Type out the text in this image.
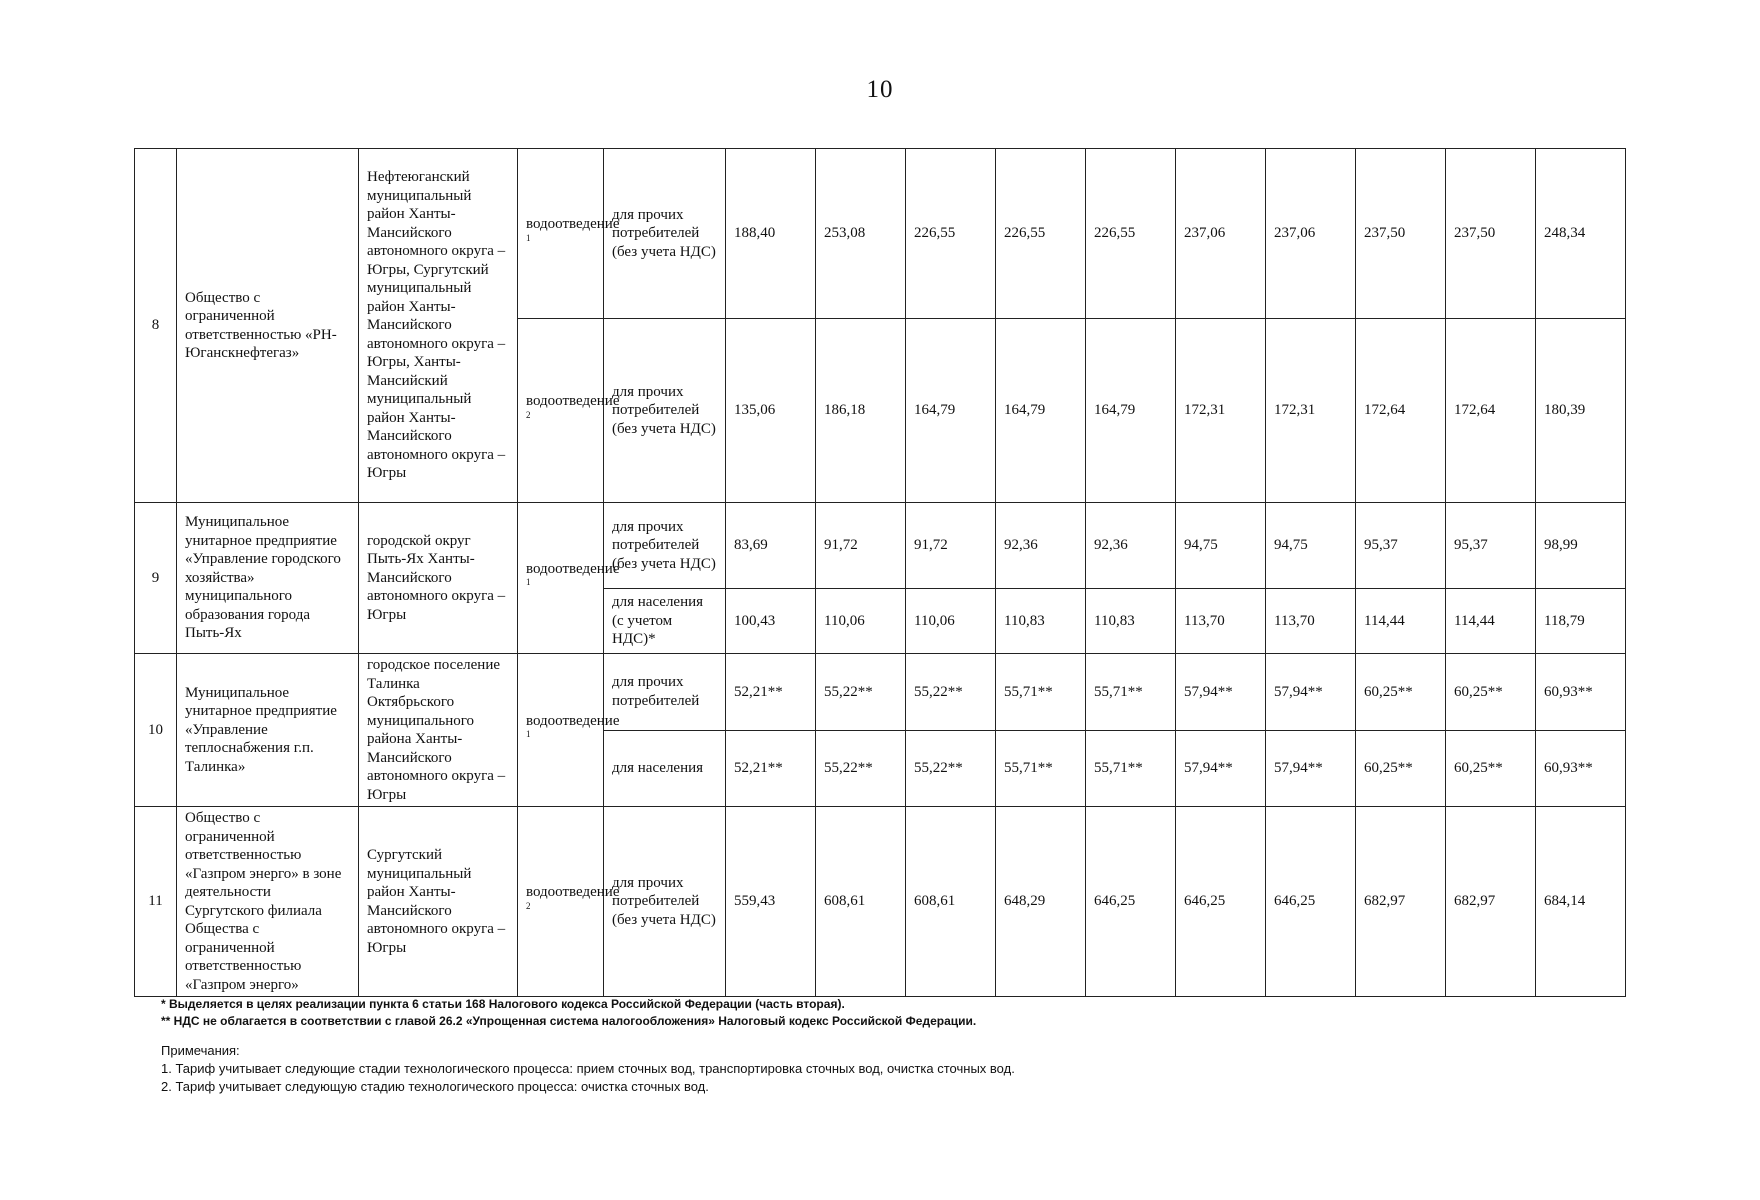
10
8	Общество с ограниченной ответственностью «РН-Юганскнефтегаз»	Нефтеюганский муниципальный район Ханты-Мансийского автономного округа – Югры, Сургутский муниципальный район Ханты-Мансийского автономного округа – Югры, Ханты-Мансийский муниципальный район Ханты-Мансийского автономного округа – Югры	водоотведение $^1$	для прочих потребителей (без учета НДС)	188,40	253,08	226,55	226,55	226,55	237,06	237,06	237,50	237,50	248,34
			водоотведение $^2$	для прочих потребителей (без учета НДС)	135,06	186,18	164,79	164,79	164,79	172,31	172,31	172,64	172,64	180,39
9	Муниципальное унитарное предприятие «Управление городского хозяйства» муниципального образования города Пыть-Ях	городской округ Пыть-Ях Ханты-Мансийского автономного округа – Югры	водоотведение $^1$	для прочих потребителей (без учета НДС)	83,69	91,72	91,72	92,36	92,36	94,75	94,75	95,37	95,37	98,99
				для населения (с учетом НДС)*	100,43	110,06	110,06	110,83	110,83	113,70	113,70	114,44	114,44	118,79
10	Муниципальное унитарное предприятие «Управление теплоснабжения г.п. Талинка»	городское поселение Талинка Октябрьского муниципального района Ханты-Мансийского автономного округа – Югры	водоотведение $^1$	для прочих потребителей	52,21**	55,22**	55,22**	55,71**	55,71**	57,94**	57,94**	60,25**	60,25**	60,93**
				для населения	52,21**	55,22**	55,22**	55,71**	55,71**	57,94**	57,94**	60,25**	60,25**	60,93**
11	Общество с ограниченной ответственностью «Газпром энерго» в зоне деятельности Сургутского филиала Общества с ограниченной ответственностью «Газпром энерго»	Сургутский муниципальный район Ханты-Мансийского автономного округа – Югры	водоотведение $^2$	для прочих потребителей (без учета НДС)	559,43	608,61	608,61	648,29	646,25	646,25	646,25	682,97	682,97	684,14
* Выделяется в целях реализации пункта 6 статьи 168 Налогового кодекса Российской Федерации (часть вторая).
** НДС не облагается в соответствии с главой 26.2 «Упрощенная система налогообложения» Налоговый кодекс Российской Федерации.
Примечания:
1. Тариф учитывает следующие стадии технологического процесса: прием сточных вод, транспортировка сточных вод, очистка сточных вод.
2. Тариф учитывает следующую стадию технологического процесса: очистка сточных вод.
